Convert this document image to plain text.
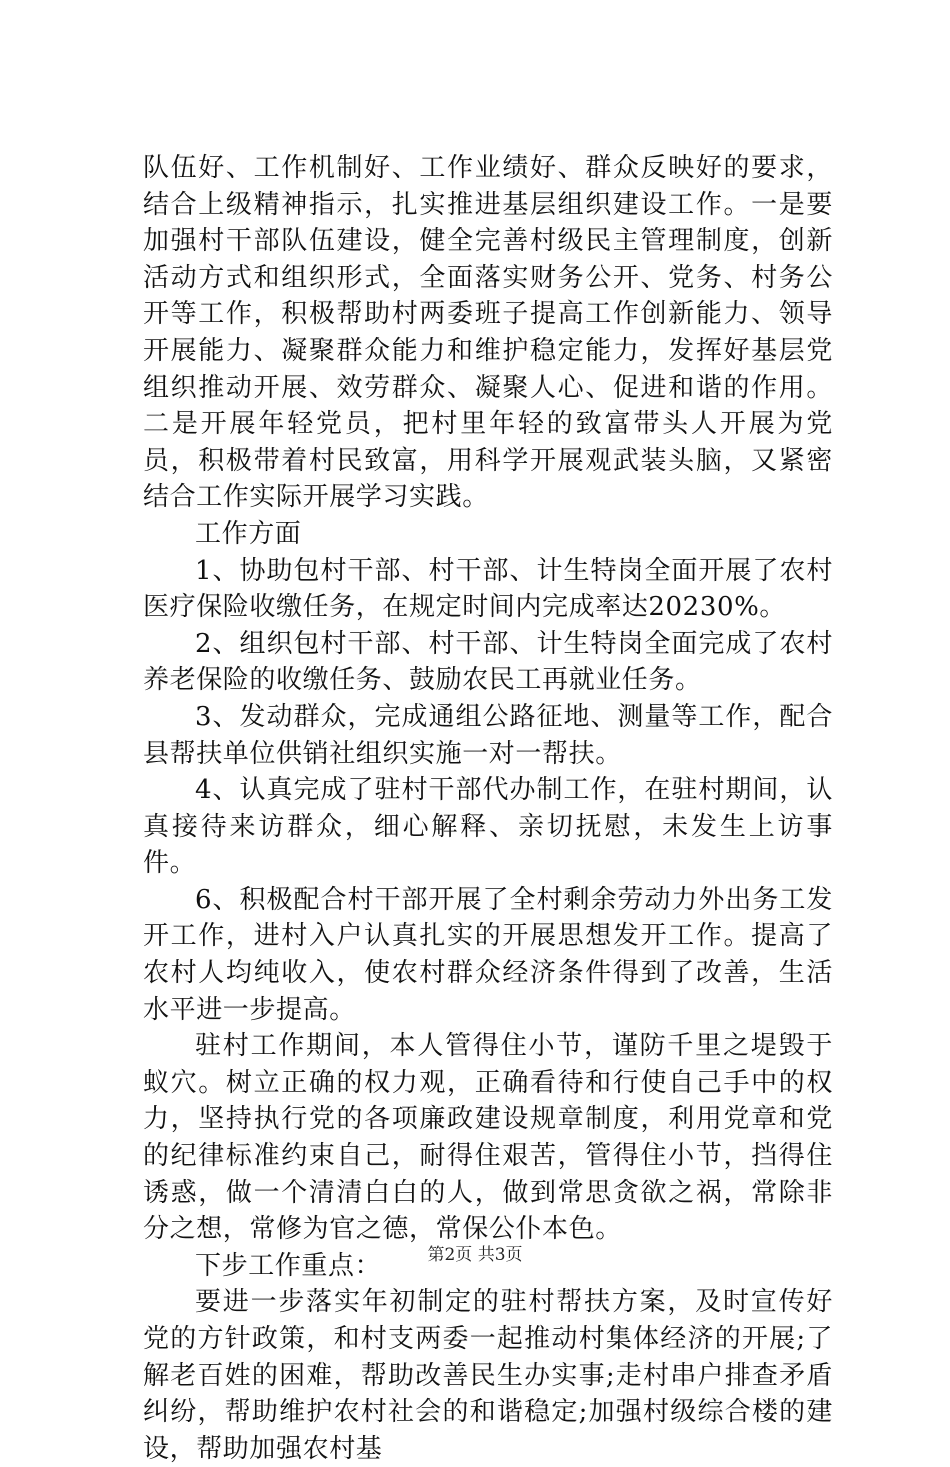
队伍好、工作机制好、工作业绩好、群众反映好的要求，结合上级精神指示，扎实推进基层组织建设工作。一是要加强村干部队伍建设，健全完善村级民主管理制度，创新活动方式和组织形式，全面落实财务公开、党务、村务公开等工作，积极帮助村两委班子提高工作创新能力、领导开展能力、凝聚群众能力和维护稳定能力，发挥好基层党组织推动开展、效劳群众、凝聚人心、促进和谐的作用。二是开展年轻党员，把村里年轻的致富带头人开展为党员，积极带着村民致富，用科学开展观武装头脑，又紧密结合工作实际开展学习实践。

工作方面

1、协助包村干部、村干部、计生特岗全面开展了农村医疗保险收缴任务，在规定时间内完成率达20230%。

2、组织包村干部、村干部、计生特岗全面完成了农村养老保险的收缴任务、鼓励农民工再就业任务。

3、发动群众，完成通组公路征地、测量等工作，配合县帮扶单位供销社组织实施一对一帮扶。

4、认真完成了驻村干部代办制工作，在驻村期间，认真接待来访群众，细心解释、亲切抚慰，未发生上访事件。

6、积极配合村干部开展了全村剩余劳动力外出务工发开工作，进村入户认真扎实的开展思想发开工作。提高了农村人均纯收入，使农村群众经济条件得到了改善，生活水平进一步提高。

驻村工作期间，本人管得住小节，谨防千里之堤毁于蚁穴。树立正确的权力观，正确看待和行使自己手中的权力，坚持执行党的各项廉政建设规章制度，利用党章和党的纪律标准约束自己，耐得住艰苦，管得住小节，挡得住诱惑，做一个清清白白的人，做到常思贪欲之祸，常除非分之想，常修为官之德，常保公仆本色。

下步工作重点：

要进一步落实年初制定的驻村帮扶方案，及时宣传好党的方针政策，和村支两委一起推动村集体经济的开展;了解老百姓的困难，帮助改善民生办实事;走村串户排查矛盾纠纷，帮助维护农村社会的和谐稳定;加强村级综合楼的建设，帮助加强农村基

第2页 共3页
